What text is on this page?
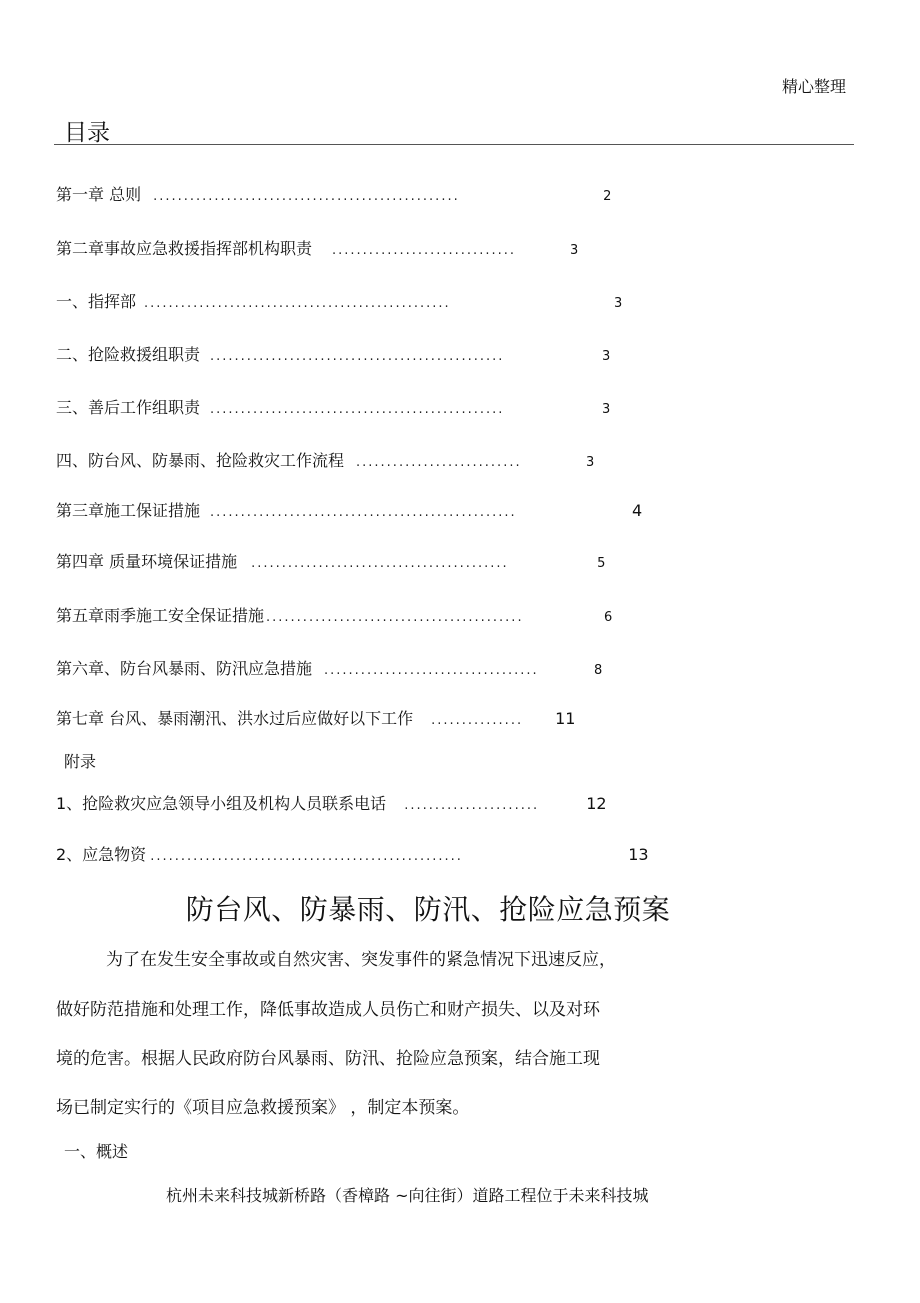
精心整理
目录
第一章 总则 ..................................................	2
第二章事故应急救援指挥部机构职责 ..............................	3
一、指挥部 ..................................................	3
二、抢险救援组职责 ................................................	3
三、善后工作组职责 ................................................	3
四、防台风、防暴雨、抢险救灾工作流程 ...........................	3
第三章施工保证措施 ..................................................	4
第四章 质量环境保证措施 ..........................................	5
第五章雨季施工安全保证措施 ..........................................	6
第六章、防台风暴雨、防汛应急措施 ...................................	8
第七章 台风、暴雨潮汛、洪水过后应做好以下工作 ...............	11
附录
1、抢险救灾应急领导小组及机构人员联系电话 ......................	12
2、应急物资 ...................................................	13
防台风、防暴雨、防汛、抢险应急预案
为了在发生安全事故或自然灾害、突发事件的紧急情况下迅速反应，
做好防范措施和处理工作，降低事故造成人员伤亡和财产损失、以及对环
境的危害。根据人民政府防台风暴雨、防汛、抢险应急预案，结合施工现
场已制定实行的《项目应急救援预案》 ，制定本预案。
一、概述
杭州未来科技城新桥路（香樟路 ~向往街）道路工程位于未来科技城
